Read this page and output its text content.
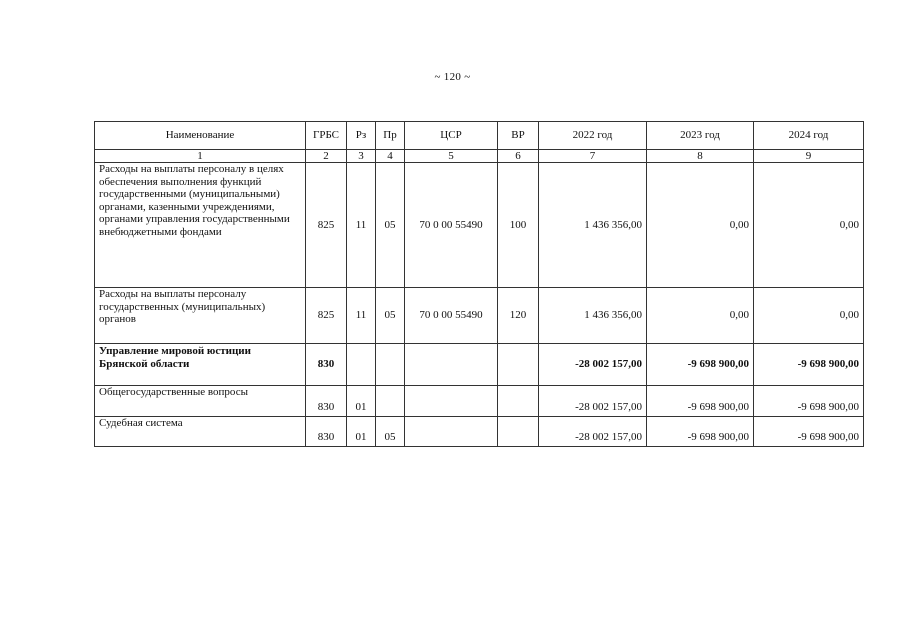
~ 120 ~
Наименование	ГРБС	Рз	Пр	ЦСР	ВР	2022 год	2023 год	2024 год
1	2	3	4	5	6	7	8	9
Расходы на выплаты персоналу в целях обеспечения выполнения функций государственными (муниципальными) органами, казенными учреждениями, органами управления государственными внебюджетными фондами	825	11	05	70 0 00 55490	100	1 436 356,00	0,00	0,00
Расходы на выплаты персоналу государственных (муниципальных) органов	825	11	05	70 0 00 55490	120	1 436 356,00	0,00	0,00
Управление мировой юстиции Брянской области	830					-28 002 157,00	-9 698 900,00	-9 698 900,00
Общегосударственные вопросы	830	01				-28 002 157,00	-9 698 900,00	-9 698 900,00
Судебная система	830	01	05			-28 002 157,00	-9 698 900,00	-9 698 900,00
